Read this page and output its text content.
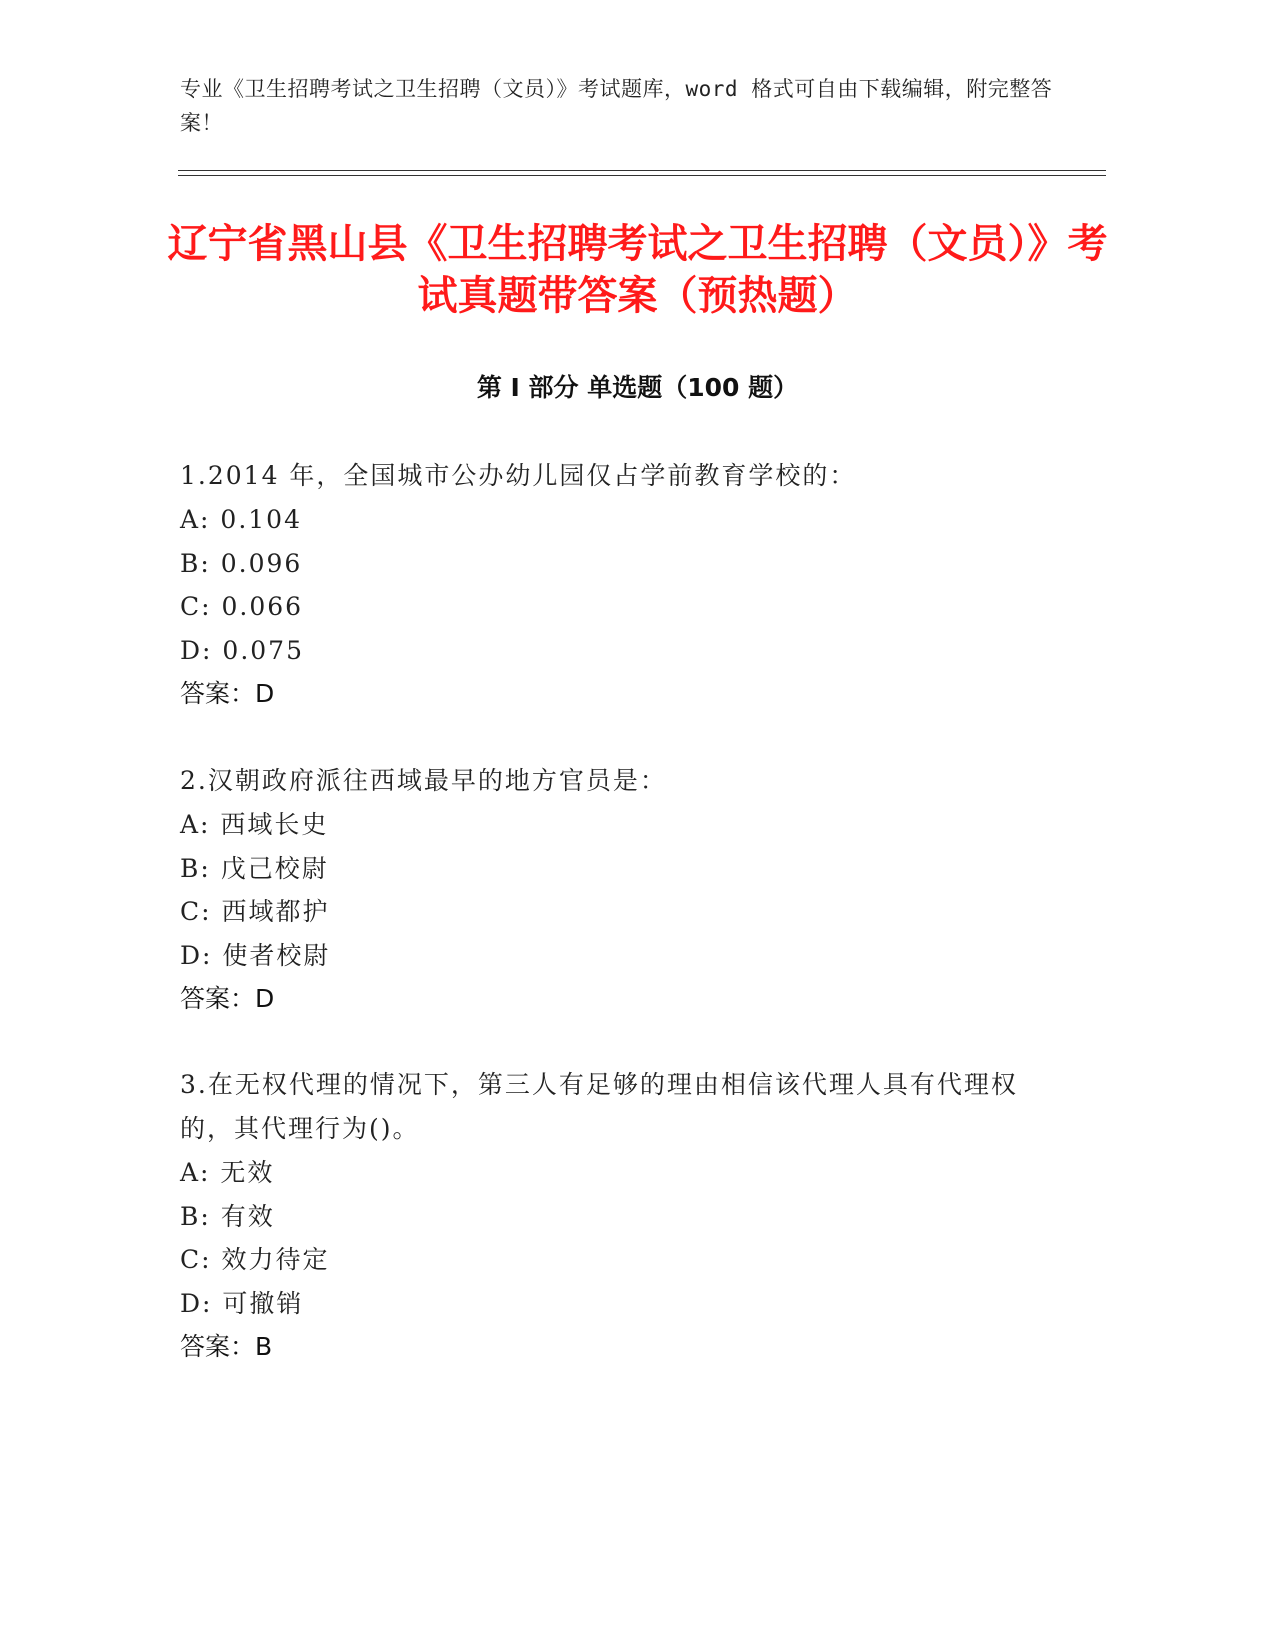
专业《卫生招聘考试之卫生招聘（文员）》考试题库，word 格式可自由下载编辑，附完整答案！
辽宁省黑山县《卫生招聘考试之卫生招聘（文员）》考试真题带答案（预热题）
第 I 部分 单选题（100 题）
1.2014 年，全国城市公办幼儿园仅占学前教育学校的：
A: 0.104
B: 0.096
C: 0.066
D: 0.075
答案：D
2.汉朝政府派往西域最早的地方官员是：
A: 西域长史
B: 戊己校尉
C: 西域都护
D: 使者校尉
答案：D
3.在无权代理的情况下，第三人有足够的理由相信该代理人具有代理权的，其代理行为()。
A: 无效
B: 有效
C: 效力待定
D: 可撤销
答案：B
